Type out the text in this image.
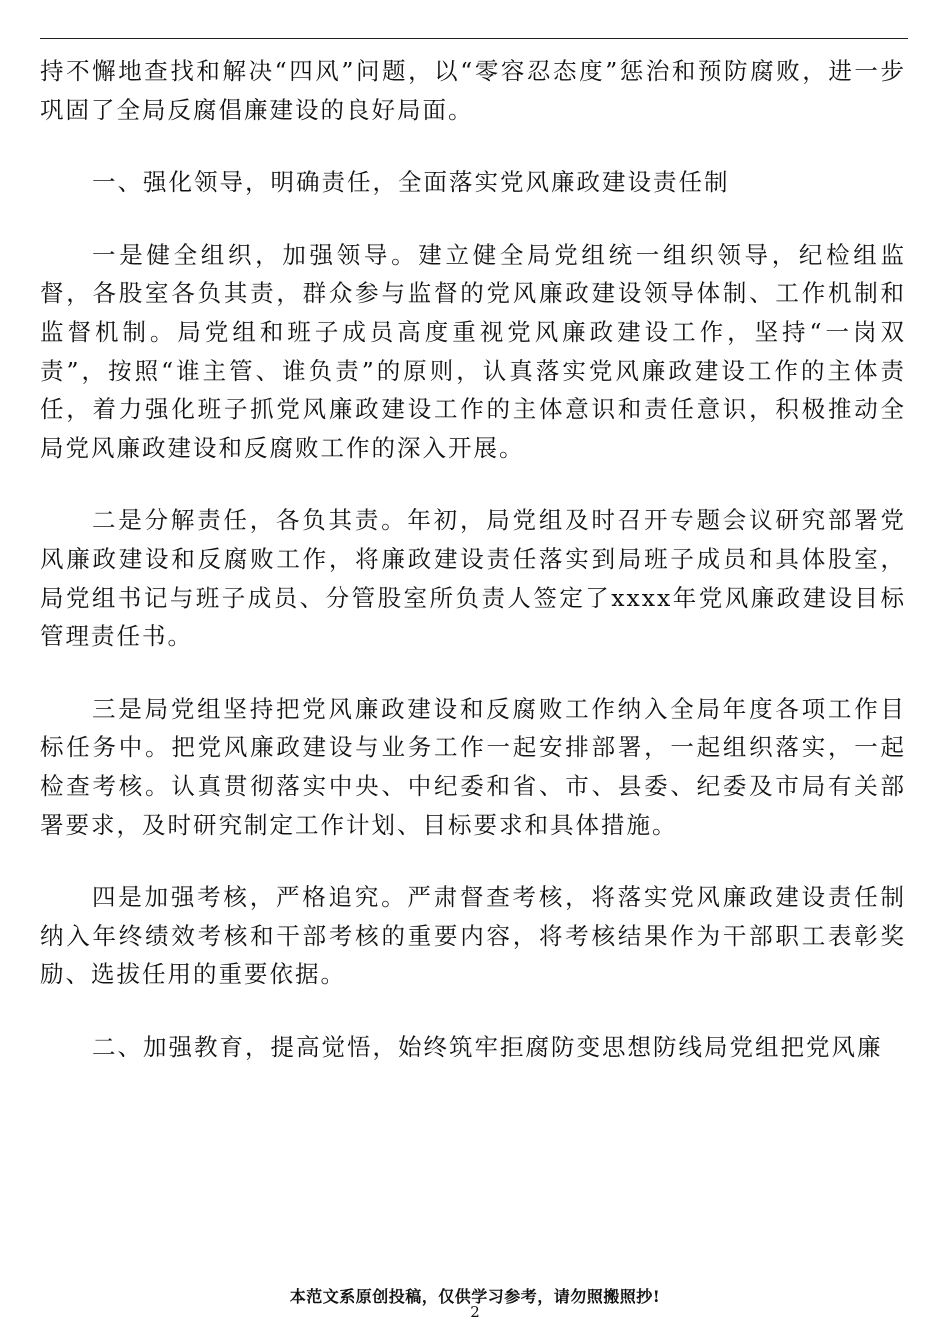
持不懈地查找和解决“四风”问题，以“零容忍态度”惩治和预防腐败，进一步巩固了全局反腐倡廉建设的良好局面。

一、强化领导，明确责任，全面落实党风廉政建设责任制

一是健全组织，加强领导。建立健全局党组统一组织领导，纪检组监督，各股室各负其责，群众参与监督的党风廉政建设领导体制、工作机制和监督机制。局党组和班子成员高度重视党风廉政建设工作，坚持“一岗双责”，按照“谁主管、谁负责”的原则，认真落实党风廉政建设工作的主体责任，着力强化班子抓党风廉政建设工作的主体意识和责任意识，积极推动全局党风廉政建设和反腐败工作的深入开展。

二是分解责任，各负其责。年初，局党组及时召开专题会议研究部署党风廉政建设和反腐败工作，将廉政建设责任落实到局班子成员和具体股室，局党组书记与班子成员、分管股室所负责人签定了xxxx年党风廉政建设目标管理责任书。

三是局党组坚持把党风廉政建设和反腐败工作纳入全局年度各项工作目标任务中。把党风廉政建设与业务工作一起安排部署，一起组织落实，一起检查考核。认真贯彻落实中央、中纪委和省、市、县委、纪委及市局有关部署要求，及时研究制定工作计划、目标要求和具体措施。

四是加强考核，严格追究。严肃督查考核，将落实党风廉政建设责任制纳入年终绩效考核和干部考核的重要内容，将考核结果作为干部职工表彰奖励、选拔任用的重要依据。

二、加强教育，提高觉悟，始终筑牢拒腐防变思想防线局党组把党风廉

本范文系原创投稿，仅供学习参考，请勿照搬照抄!
2
